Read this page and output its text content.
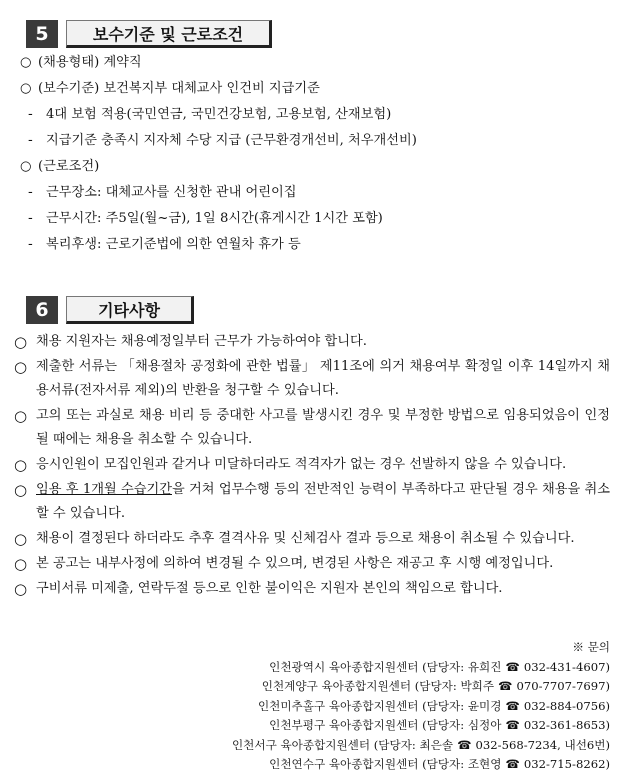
5	보수기준 및 근로조건
○ (채용형태) 계약직
○ (보수기준) 보건복지부 대체교사 인건비 지급기준
- 4대 보험 적용(국민연금, 국민건강보험, 고용보험, 산재보험)
- 지급기준 충족시 지자체 수당 지급 (근무환경개선비, 처우개선비)
○ (근로조건)
- 근무장소: 대체교사를 신청한 관내 어린이집
- 근무시간: 주5일(월~금), 1일 8시간(휴게시간 1시간 포함)
- 복리후생: 근로기준법에 의한 연월차 휴가 등
6	기타사항
○ 채용 지원자는 채용예정일부터 근무가 가능하여야 합니다.
○ 제출한 서류는 「채용절차 공정화에 관한 법률」 제11조에 의거 채용여부 확정일 이후 14일까지 채용서류(전자서류 제외)의 반환을 청구할 수 있습니다.
○ 고의 또는 과실로 채용 비리 등 중대한 사고를 발생시킨 경우 및 부정한 방법으로 임용되었음이 인정될 때에는 채용을 취소할 수 있습니다.
○ 응시인원이 모집인원과 같거나 미달하더라도 적격자가 없는 경우 선발하지 않을 수 있습니다.
○ 임용 후 1개월 수습기간을 거쳐 업무수행 등의 전반적인 능력이 부족하다고 판단될 경우 채용을 취소할 수 있습니다.
○ 채용이 결정된다 하더라도 추후 결격사유 및 신체검사 결과 등으로 채용이 취소될 수 있습니다.
○ 본 공고는 내부사정에 의하여 변경될 수 있으며, 변경된 사항은 재공고 후 시행 예정입니다.
○ 구비서류 미제출, 연락두절 등으로 인한 불이익은 지원자 본인의 책임으로 합니다.
※ 문의
인천광역시 육아종합지원센터 (담당자: 유희진 ☎ 032-431-4607)
인천계양구 육아종합지원센터 (담당자: 박희주 ☎ 070-7707-7697)
인천미추홀구 육아종합지원센터 (담당자: 윤미경 ☎ 032-884-0756)
인천부평구 육아종합지원센터 (담당자: 심정아 ☎ 032-361-8653)
인천서구 육아종합지원센터 (담당자: 최은솔 ☎ 032-568-7234, 내선6번)
인천연수구 육아종합지원센터 (담당자: 조현영 ☎ 032-715-8262)
